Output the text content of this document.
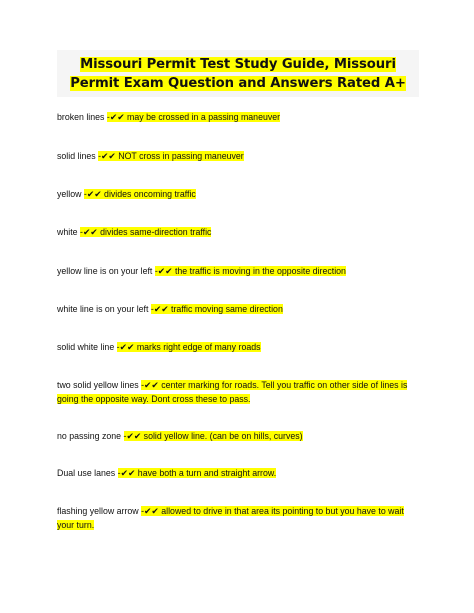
Missouri Permit Test Study Guide, Missouri Permit Exam Question and Answers Rated A+
broken lines -✔✔ may be crossed in a passing maneuver
solid lines -✔✔ NOT cross in passing maneuver
yellow -✔✔ divides oncoming traffic
white -✔✔ divides same-direction traffic
yellow line is on your left -✔✔ the traffic is moving in the opposite direction
white line is on your left -✔✔ traffic moving same direction
solid white line -✔✔ marks right edge of many roads
two solid yellow lines -✔✔ center marking for roads. Tell you traffic on other side of lines is going the opposite way. Dont cross these to pass.
no passing zone -✔✔ solid yellow line. (can be on hills, curves)
Dual use lanes -✔✔ have both a turn and straight arrow.
flashing yellow arrow -✔✔ allowed to drive in that area its pointing to but you have to wait your turn.
